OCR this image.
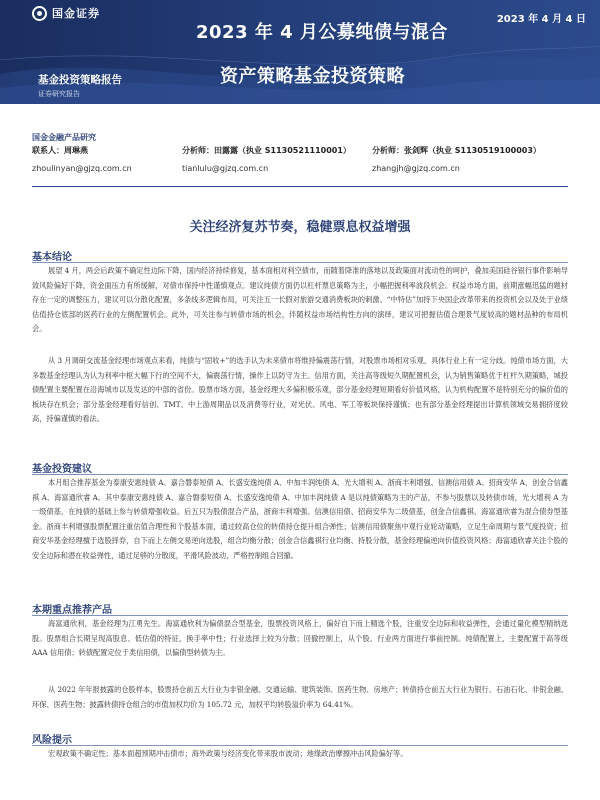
国金证券	2023 年 4 月 4 日
2023 年 4 月公募纯债与混合
资产策略基金投资策略
基金投资策略报告
证券研究报告
国金金融产品研究
联系人：周琳燕	分析师：田露露（执业 S1130521110001）	分析师：张剑辉（执业 S1130519100003）
zhoulinyan@gjzq.com.cn	tianlulu@gjzq.com.cn	zhangjh@gjzq.com.cn
关注经济复苏节奏，稳健票息权益增强
基本结论
展望 4 月，两会后政策不确定性边际下降，国内经济持续修复，基本面相对利空债市，而随着降准的落地以及政策面对流动性的呵护，叠加美国硅谷银行事件影响导致风险偏好下降，资金面压力有所缓解，对债市保持中性谨慎观点。建议纯债方面仍以杠杆票息策略为主，小幅把握利率波段机会。权益市场方面，前期涨幅迅猛的题材存在一定的调整压力，建议可以分散化配置，多条线多逻辑布局，可关注五一长假对旅游交通消费板块的刺激、“中特估”加持下央国企改革带来的投资机会以及处于业绩估值持仓底部的医药行业的左侧配置机会。此外，可关注参与转债市场的机会，伴随权益市场结构性方向的演绎，建议可把握估值合理景气度较高的题材品种的布局机会。
从 3 月调研交流基金经理市场观点来看，纯债与“固收+”的选手认为未来债市将维持偏震荡行情，对股票市场相对乐观，具体行业上有一定分歧。纯债市场方面，大多数基金经理认为认为利率中枢大幅下行的空间不大，偏震荡行情，操作上以防守为主。信用方面，关注高等级短久期配置机会，认为销售策略优于杠杆久期策略，城投债配置主要配置在沿海城市以及发达的中部的省份。股票市场方面，基金经理大多偏积极乐观，部分基金经理短期看好价值风格，认为机构配置不是特别充分的偏价值的板块存在机会；部分基金经理看好信创、TMT、中上游周期品以及消费等行业，对光伏、风电、军工等板块保持谨慎；也有部分基金经理提出计算机领域交易拥挤度较高，持偏谨慎的看法。
基金投资建议
本月组合推荐基金为泰康安惠纯债 A、嘉合磐泰短债 A、长盛安逸纯债 A、中加丰润纯债 A、光大增利 A、浙商丰利增强、信澳信用债 A、招商安华 A、创金合信鑫祺 A、海富通欣睿 A。其中泰康安惠纯债 A、嘉合磐泰短债 A、长盛安逸纯债 A、中加丰润纯债 A 是以纯债策略为主的产品，不参与股票以及转债市场，光大增利 A 为一级债基，在纯债的基础上参与转债增强收益。后五只为股债混合产品，浙商丰利增强、信澳信用债、招商安华为二级债基，创金合信鑫祺、海富通欣睿为混合债券型基金。浙商丰利增强股票配置注重估值合理性和个股基本面，通过较高仓位的转债持仓提升组合弹性；信澳信用债聚焦中观行业轮动策略，立足生命周期与景气度投资；招商安华基金经理擅于选股择券，自下而上左侧交易逆向选股，组合均衡分散；创金合信鑫祺行业均衡、持股分散，基金经理偏逆向价值投资风格；海富通欣睿关注个股的安全边际和潜在收益弹性，通过足够的分散度，平滑风险波动，严格控制组合回撤。
本期重点推荐产品
海富通欣利，基金经理为江勇先生。海富通欣利为偏债混合型基金，股票投资风格上，偏好自下而上精选个股，注重安全边际和收益弹性，会通过量化模型精纳选股。股票组合长期呈现高股息、低估值的特征，换手率中性；行业选择上较为分散；回撤控制上，从个股、行业两方面进行事前控制。纯债配置上，主要配置于高等级 AAA 信用债；转债配置定位于类信用债，以偏债型转债为主。
从 2022 年年报披露的仓股样本，股票持仓前五大行业为非银金融、交通运输、建筑装饰、医药生物、房地产；转债持仓前五大行业为银行、石油石化、非银金融、环保、医药生物；披露转债持仓组合的市值加权均价为 105.72 元，加权平均转股溢价率为 64.41%。
风险提示
宏观政策不确定性；基本面超预期冲击债市；海外政策与经济变化带来股市波动；地缘政治摩擦冲击风险偏好等。
